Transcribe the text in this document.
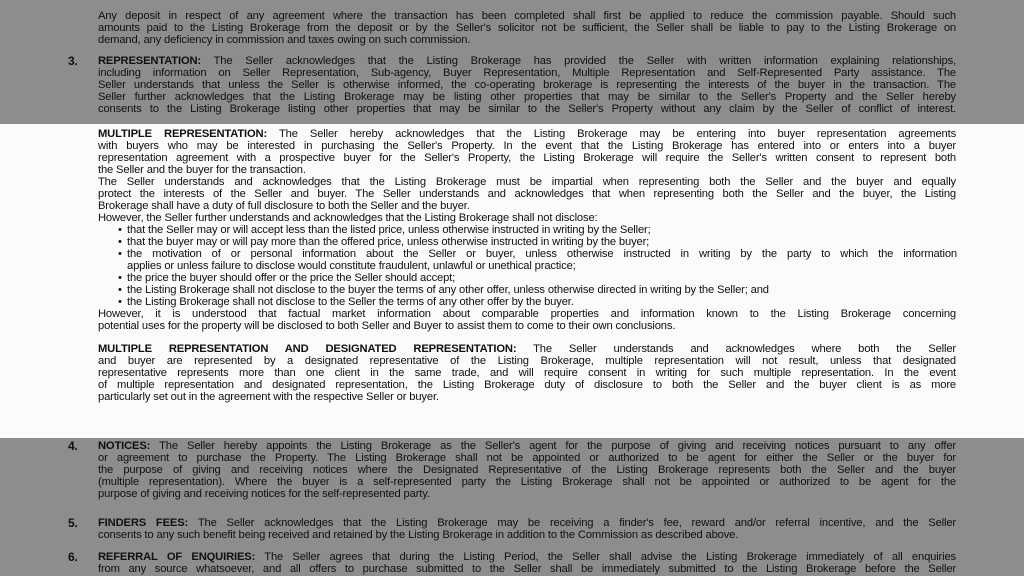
Any deposit in respect of any agreement where the transaction has been completed shall first be applied to reduce the commission payable. Should such
amounts paid to the Listing Brokerage from the deposit or by the Seller's solicitor not be sufficient, the Seller shall be liable to pay to the Listing Brokerage on
demand, any deficiency in commission and taxes owing on such commission.
3. REPRESENTATION: The Seller acknowledges that the Listing Brokerage has provided the Seller with written information explaining relationships,
including information on Seller Representation, Sub-agency, Buyer Representation, Multiple Representation and Self-Represented Party assistance. The
Seller understands that unless the Seller is otherwise informed, the co-operating brokerage is representing the interests of the buyer in the transaction. The
Seller further acknowledges that the Listing Brokerage may be listing other properties that may be similar to the Seller's Property and the Seller hereby
consents to the Listing Brokerage listing other properties that may be similar to the Seller's Property without any claim by the Seller of conflict of interest.
MULTIPLE REPRESENTATION: The Seller hereby acknowledges that the Listing Brokerage may be entering into buyer representation agreements
with buyers who may be interested in purchasing the Seller's Property. In the event that the Listing Brokerage has entered into or enters into a buyer
representation agreement with a prospective buyer for the Seller's Property, the Listing Brokerage will require the Seller's written consent to represent both
the Seller and the buyer for the transaction.
The Seller understands and acknowledges that the Listing Brokerage must be impartial when representing both the Seller and the buyer and equally
protect the interests of the Seller and buyer. The Seller understands and acknowledges that when representing both the Seller and the buyer, the Listing
Brokerage shall have a duty of full disclosure to both the Seller and the buyer.
However, the Seller further understands and acknowledges that the Listing Brokerage shall not disclose:
• that the Seller may or will accept less than the listed price, unless otherwise instructed in writing by the Seller;
• that the buyer may or will pay more than the offered price, unless otherwise instructed in writing by the buyer;
• the motivation of or personal information about the Seller or buyer, unless otherwise instructed in writing by the party to which the information
applies or unless failure to disclose would constitute fraudulent, unlawful or unethical practice;
• the price the buyer should offer or the price the Seller should accept;
• the Listing Brokerage shall not disclose to the buyer the terms of any other offer, unless otherwise directed in writing by the Seller; and
• the Listing Brokerage shall not disclose to the Seller the terms of any other offer by the buyer.
However, it is understood that factual market information about comparable properties and information known to the Listing Brokerage concerning
potential uses for the property will be disclosed to both Seller and Buyer to assist them to come to their own conclusions.
MULTIPLE REPRESENTATION AND DESIGNATED REPRESENTATION: The Seller understands and acknowledges where both the Seller
and buyer are represented by a designated representative of the Listing Brokerage, multiple representation will not result, unless that designated
representative represents more than one client in the same trade, and will require consent in writing for such multiple representation. In the event
of multiple representation and designated representation, the Listing Brokerage duty of disclosure to both the Seller and the buyer client is as more
particularly set out in the agreement with the respective Seller or buyer.
4. NOTICES: The Seller hereby appoints the Listing Brokerage as the Seller's agent for the purpose of giving and receiving notices pursuant to any offer
or agreement to purchase the Property. The Listing Brokerage shall not be appointed or authorized to be agent for either the Seller or the buyer for
the purpose of giving and receiving notices where the Designated Representative of the Listing Brokerage represents both the Seller and the buyer
(multiple representation). Where the buyer is a self-represented party the Listing Brokerage shall not be appointed or authorized to be agent for the
purpose of giving and receiving notices for the self-represented party.
5. FINDERS FEES: The Seller acknowledges that the Listing Brokerage may be receiving a finder's fee, reward and/or referral incentive, and the Seller
consents to any such benefit being received and retained by the Listing Brokerage in addition to the Commission as described above.
6. REFERRAL OF ENQUIRIES: The Seller agrees that during the Listing Period, the Seller shall advise the Listing Brokerage immediately of all enquiries
from any source whatsoever, and all offers to purchase submitted to the Seller shall be immediately submitted to the Listing Brokerage before the Seller
